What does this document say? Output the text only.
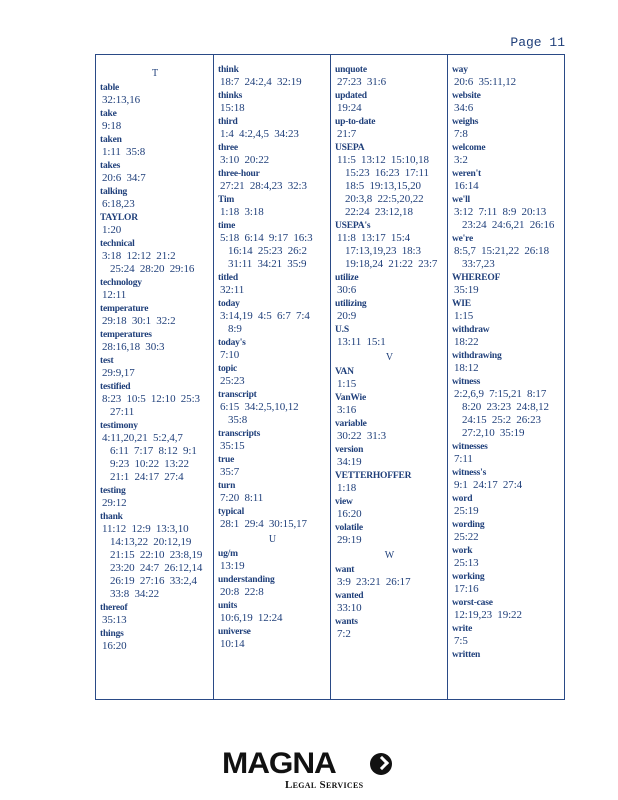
Page 11
T
table
32:13,16
take
9:18
taken
1:11  35:8
takes
20:6  34:7
talking
6:18,23
TAYLOR
1:20
technical
3:18  12:12  21:2
25:24  28:20  29:16
technology
12:11
temperature
29:18  30:1  32:2
temperatures
28:16,18  30:3
test
29:9,17
testified
8:23  10:5  12:10  25:3
27:11
testimony
4:11,20,21  5:2,4,7
6:11  7:17  8:12  9:1
9:23  10:22  13:22
21:1  24:17  27:4
testing
29:12
thank
11:12  12:9  13:3,10
14:13,22  20:12,19
21:15  22:10  23:8,19
23:20  24:7  26:12,14
26:19  27:16  33:2,4
33:8  34:22
thereof
35:13
things
16:20
think
18:7  24:2,4  32:19
thinks
15:18
third
1:4  4:2,4,5  34:23
three
3:10  20:22
three-hour
27:21  28:4,23  32:3
Tim
1:18  3:18
time
5:18  6:14  9:17  16:3
16:14  25:23  26:2
31:11  34:21  35:9
titled
32:11
today
3:14,19  4:5  6:7  7:4
8:9
today's
7:10
topic
25:23
transcript
6:15  34:2,5,10,12
35:8
transcripts
35:15
true
35:7
turn
7:20  8:11
typical
28:1  29:4  30:15,17
U
ug/m
13:19
understanding
20:8  22:8
units
10:6,19  12:24
universe
10:14
unquote
27:23  31:6
updated
19:24
up-to-date
21:7
USEPA
11:5  13:12  15:10,18
15:23  16:23  17:11
18:5  19:13,15,20
20:3,8  22:5,20,22
22:24  23:12,18
USEPA's
11:8  13:17  15:4
17:13,19,23  18:3
19:18,24  21:22  23:7
utilize
30:6
utilizing
20:9
U.S
13:11  15:1
V
VAN
1:15
VanWie
3:16
variable
30:22  31:3
version
34:19
VETTERHOFFER
1:18
view
16:20
volatile
29:19
W
want
3:9  23:21  26:17
wanted
33:10
wants
7:2
way
20:6  35:11,12
website
34:6
weighs
7:8
welcome
3:2
weren't
16:14
we'll
3:12  7:11  8:9  20:13
23:24  24:6,21  26:16
we're
8:5,7  15:21,22  26:18
33:7,23
WHEREOF
35:19
WIE
1:15
withdraw
18:22
withdrawing
18:12
witness
2:2,6,9  7:15,21  8:17
8:20  23:23  24:8,12
24:15  25:2  26:23
27:2,10  35:19
witnesses
7:11
witness's
9:1  24:17  27:4
word
25:19
wording
25:22
work
25:13
working
17:16
worst-case
12:19,23  19:22
write
7:5
written
MAGNA
Legal Services
